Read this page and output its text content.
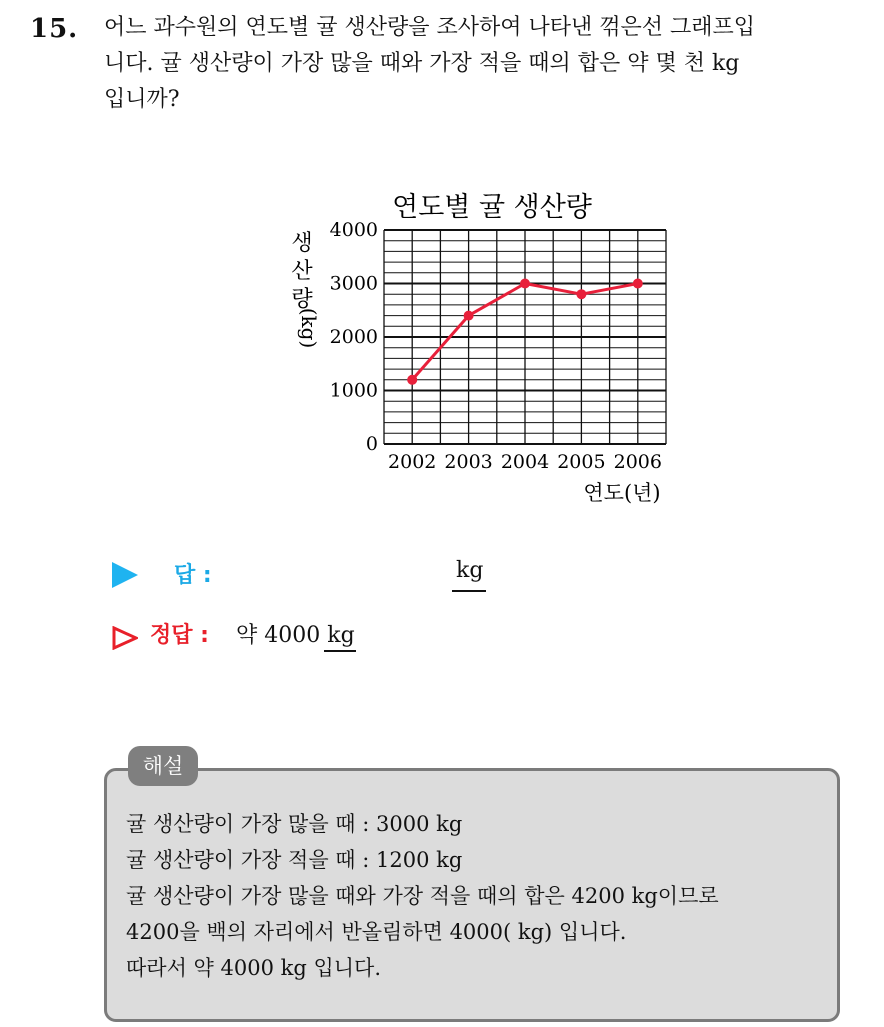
15. 어느 과수원의 연도별 귤 생산량을 조사하여 나타낸 꺾은선 그래프입
니다. 귤 생산량이 가장 많을 때와 가장 적을 때의 합은 약 몇 천 kg
입니까?
연도별 귤 생산량
0
1000
2000
3000
4000
2002 2003 2004 2005 2006
생
산
량
(kg)
연도(년)
답 :	kg
정답 : 약 4000 kg
해설
귤 생산량이 가장 많을 때 : 3000 kg
귤 생산량이 가장 적을 때 : 1200 kg
귤 생산량이 가장 많을 때와 가장 적을 때의 합은 4200 kg이므로
4200을 백의 자리에서 반올림하면 4000( kg) 입니다.
따라서 약 4000 kg 입니다.
